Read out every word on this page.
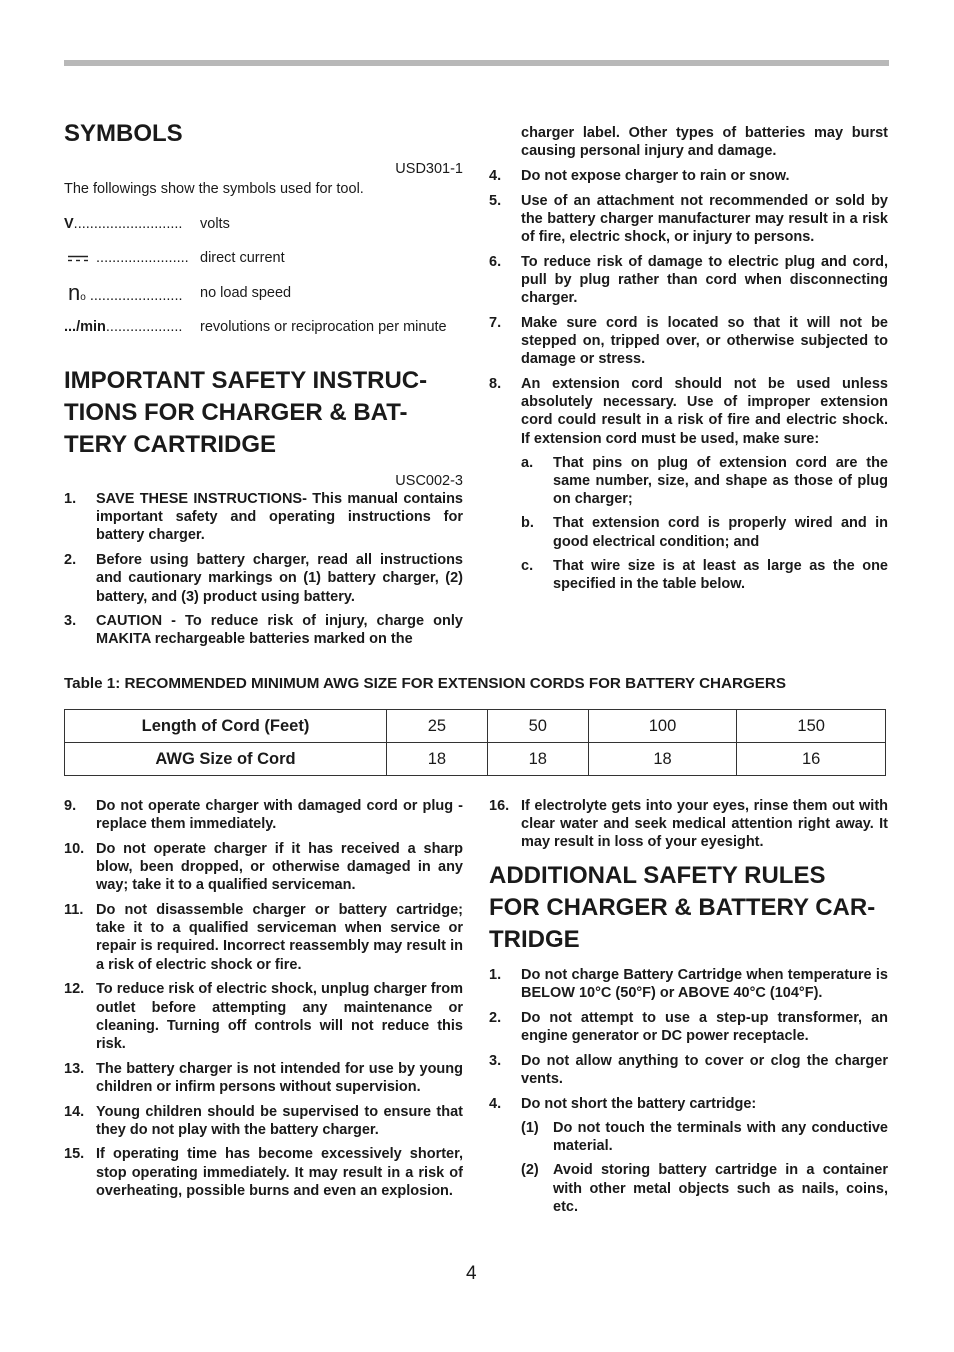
SYMBOLS
USD301-1
The followings show the symbols used for tool.
V...........................	volts
....................... direct current
no .......................	no load speed
.../min...................	revolutions or reciprocation per minute
IMPORTANT SAFETY INSTRUC-
TIONS FOR CHARGER & BAT-
TERY CARTRIDGE
USC002-3
1. SAVE THESE INSTRUCTIONS- This manual contains important safety and operating instructions for battery charger.
2. Before using battery charger, read all instructions and cautionary markings on (1) battery charger, (2) battery, and (3) product using battery.
3. CAUTION - To reduce risk of injury, charge only MAKITA rechargeable batteries marked on the
charger label. Other types of batteries may burst causing personal injury and damage.
4. Do not expose charger to rain or snow.
5. Use of an attachment not recommended or sold by the battery charger manufacturer may result in a risk of fire, electric shock, or injury to persons.
6. To reduce risk of damage to electric plug and cord, pull by plug rather than cord when disconnecting charger.
7. Make sure cord is located so that it will not be stepped on, tripped over, or otherwise subjected to damage or stress.
8. An extension cord should not be used unless absolutely necessary. Use of improper extension cord could result in a risk of fire and electric shock. If extension cord must be used, make sure:
a. That pins on plug of extension cord are the same number, size, and shape as those of plug on charger;
b. That extension cord is properly wired and in good electrical condition; and
c. That wire size is at least as large as the one specified in the table below.
Table 1: RECOMMENDED MINIMUM AWG SIZE FOR EXTENSION CORDS FOR BATTERY CHARGERS
Length of Cord (Feet)	25	50	100	150
AWG Size of Cord	18	18	18	16
9. Do not operate charger with damaged cord or plug - replace them immediately.
10. Do not operate charger if it has received a sharp blow, been dropped, or otherwise damaged in any way; take it to a qualified serviceman.
11. Do not disassemble charger or battery cartridge; take it to a qualified serviceman when service or repair is required. Incorrect reassembly may result in a risk of electric shock or fire.
12. To reduce risk of electric shock, unplug charger from outlet before attempting any maintenance or cleaning. Turning off controls will not reduce this risk.
13. The battery charger is not intended for use by young children or infirm persons without supervision.
14. Young children should be supervised to ensure that they do not play with the battery charger.
15. If operating time has become excessively shorter, stop operating immediately. It may result in a risk of overheating, possible burns and even an explosion.
16. If electrolyte gets into your eyes, rinse them out with clear water and seek medical attention right away. It may result in loss of your eyesight.
ADDITIONAL SAFETY RULES
FOR CHARGER & BATTERY CAR-
TRIDGE
1. Do not charge Battery Cartridge when temperature is BELOW 10°C (50°F) or ABOVE 40°C (104°F).
2. Do not attempt to use a step-up transformer, an engine generator or DC power receptacle.
3. Do not allow anything to cover or clog the charger vents.
4. Do not short the battery cartridge:
(1) Do not touch the terminals with any conductive material.
(2) Avoid storing battery cartridge in a container with other metal objects such as nails, coins, etc.
4
